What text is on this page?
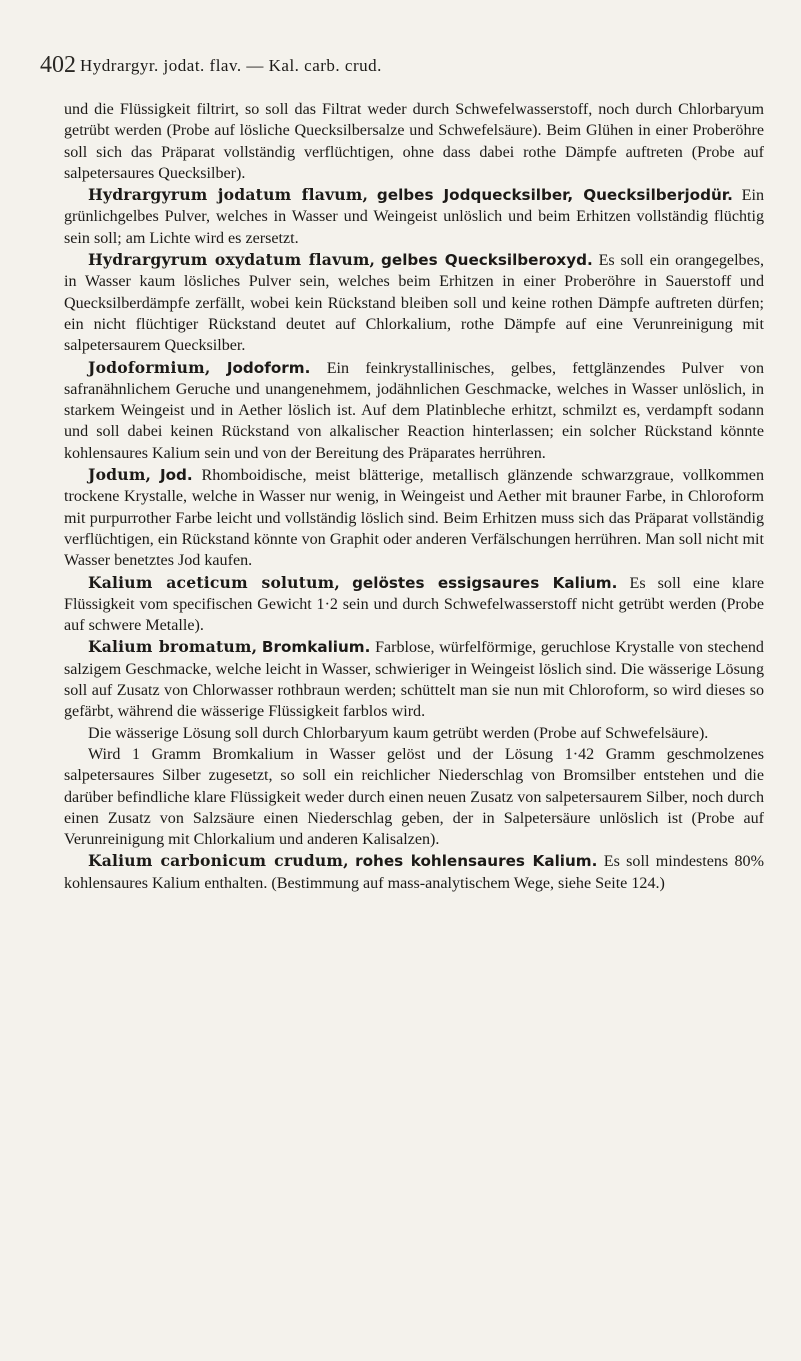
402 Hydrargyr. jodat. flav. — Kal. carb. crud.

und die Flüssigkeit filtrirt, so soll das Filtrat weder durch Schwefelwasserstoff, noch durch Chlorbaryum getrübt werden (Probe auf lösliche Quecksilbersalze und Schwefelsäure). Beim Glühen in einer Proberöhre soll sich das Präparat vollständig verflüchtigen, ohne dass dabei rothe Dämpfe auftreten (Probe auf salpetersaures Quecksilber).

Hydrargyrum jodatum flavum, gelbes Jodquecksilber, Quecksilberjodür. Ein grünlichgelbes Pulver, welches in Wasser und Weingeist unlöslich und beim Erhitzen vollständig flüchtig sein soll; am Lichte wird es zersetzt.

Hydrargyrum oxydatum flavum, gelbes Quecksilberoxyd. Es soll ein orangegelbes, in Wasser kaum lösliches Pulver sein, welches beim Erhitzen in einer Proberöhre in Sauerstoff und Quecksilberdämpfe zerfällt, wobei kein Rückstand bleiben soll und keine rothen Dämpfe auftreten dürfen; ein nicht flüchtiger Rückstand deutet auf Chlorkalium, rothe Dämpfe auf eine Verunreinigung mit salpetersaurem Quecksilber.

Jodoformium, Jodoform. Ein feinkrystallinisches, gelbes, fettglänzendes Pulver von safranähnlichem Geruche und unangenehmem, jodähnlichen Geschmacke, welches in Wasser unlöslich, in starkem Weingeist und in Aether löslich ist. Auf dem Platinbleche erhitzt, schmilzt es, verdampft sodann und soll dabei keinen Rückstand von alkalischer Reaction hinterlassen; ein solcher Rückstand könnte kohlensaures Kalium sein und von der Bereitung des Präparates herrühren.

Jodum, Jod. Rhomboidische, meist blätterige, metallisch glänzende schwarzgraue, vollkommen trockene Krystalle, welche in Wasser nur wenig, in Weingeist und Aether mit brauner Farbe, in Chloroform mit purpurrother Farbe leicht und vollständig löslich sind. Beim Erhitzen muss sich das Präparat vollständig verflüchtigen, ein Rückstand könnte von Graphit oder anderen Verfälschungen herrühren. Man soll nicht mit Wasser benetztes Jod kaufen.

Kalium aceticum solutum, gelöstes essigsaures Kalium. Es soll eine klare Flüssigkeit vom specifischen Gewicht 1·2 sein und durch Schwefelwasserstoff nicht getrübt werden (Probe auf schwere Metalle).

Kalium bromatum, Bromkalium. Farblose, würfelförmige, geruchlose Krystalle von stechend salzigem Geschmacke, welche leicht in Wasser, schwieriger in Weingeist löslich sind. Die wässerige Lösung soll auf Zusatz von Chlorwasser rothbraun werden; schüttelt man sie nun mit Chloroform, so wird dieses so gefärbt, während die wässerige Flüssigkeit farblos wird.

Die wässerige Lösung soll durch Chlorbaryum kaum getrübt werden (Probe auf Schwefelsäure).

Wird 1 Gramm Bromkalium in Wasser gelöst und der Lösung 1·42 Gramm geschmolzenes salpetersaures Silber zugesetzt, so soll ein reichlicher Niederschlag von Bromsilber entstehen und die darüber befindliche klare Flüssigkeit weder durch einen neuen Zusatz von salpetersaurem Silber, noch durch einen Zusatz von Salzsäure einen Niederschlag geben, der in Salpetersäure unlöslich ist (Probe auf Verunreinigung mit Chlorkalium und anderen Kalisalzen).

Kalium carbonicum crudum, rohes kohlensaures Kalium. Es soll mindestens 80% kohlensaures Kalium enthalten. (Bestimmung auf mass-analytischem Wege, siehe Seite 124.)
